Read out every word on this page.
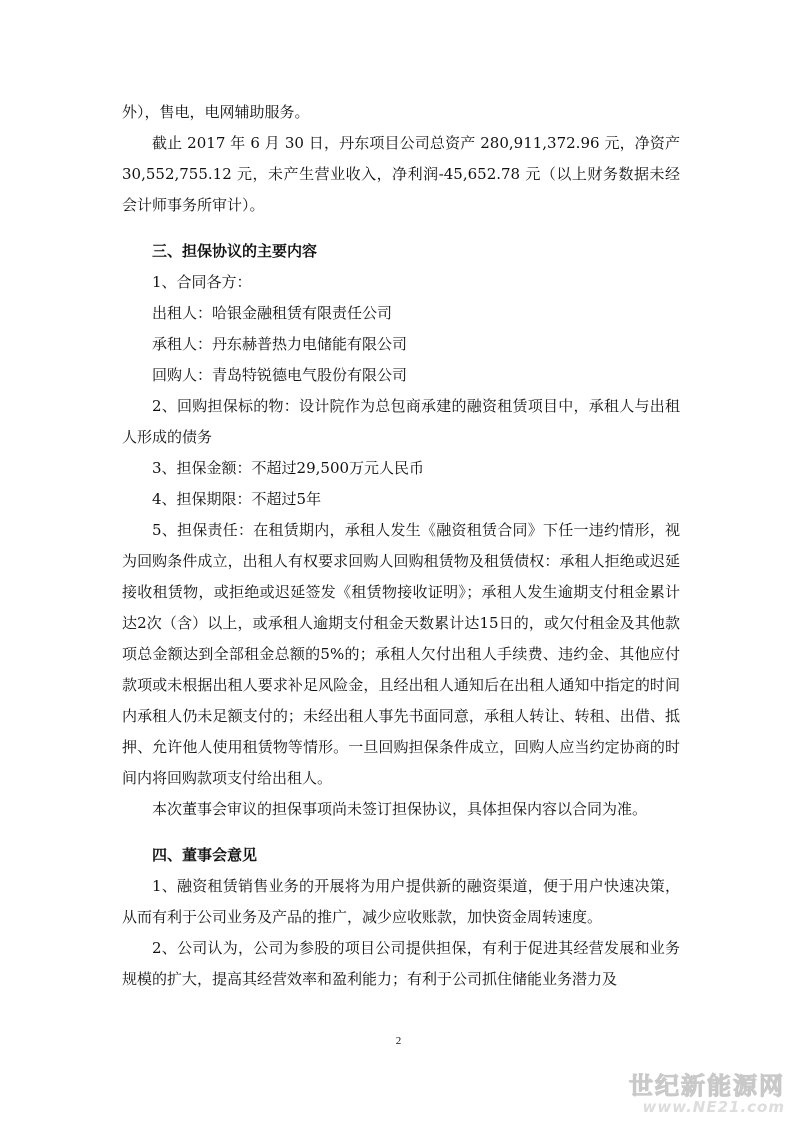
外），售电，电网辅助服务。

截止 2017 年 6 月 30 日，丹东项目公司总资产 280,911,372.96 元，净资产 30,552,755.12 元，未产生营业收入，净利润-45,652.78 元（以上财务数据未经会计师事务所审计）。

三、担保协议的主要内容

1、合同各方：

出租人：哈银金融租赁有限责任公司

承租人：丹东赫普热力电储能有限公司

回购人：青岛特锐德电气股份有限公司

2、回购担保标的物：设计院作为总包商承建的融资租赁项目中，承租人与出租人形成的债务

3、担保金额：不超过29,500万元人民币

4、担保期限：不超过5年

5、担保责任：在租赁期内，承租人发生《融资租赁合同》下任一违约情形，视为回购条件成立，出租人有权要求回购人回购租赁物及租赁债权：承租人拒绝或迟延接收租赁物，或拒绝或迟延签发《租赁物接收证明》；承租人发生逾期支付租金累计达2次（含）以上，或承租人逾期支付租金天数累计达15日的，或欠付租金及其他款项总金额达到全部租金总额的5%的；承租人欠付出租人手续费、违约金、其他应付款项或未根据出租人要求补足风险金，且经出租人通知后在出租人通知中指定的时间内承租人仍未足额支付的；未经出租人事先书面同意，承租人转让、转租、出借、抵押、允许他人使用租赁物等情形。一旦回购担保条件成立，回购人应当约定协商的时间内将回购款项支付给出租人。

本次董事会审议的担保事项尚未签订担保协议，具体担保内容以合同为准。

四、董事会意见

1、融资租赁销售业务的开展将为用户提供新的融资渠道，便于用户快速决策，从而有利于公司业务及产品的推广，减少应收账款，加快资金周转速度。

2、公司认为，公司为参股的项目公司提供担保，有利于促进其经营发展和业务规模的扩大，提高其经营效率和盈利能力；有利于公司抓住储能业务潜力及

2
世纪新能源网
www.NE21.com
